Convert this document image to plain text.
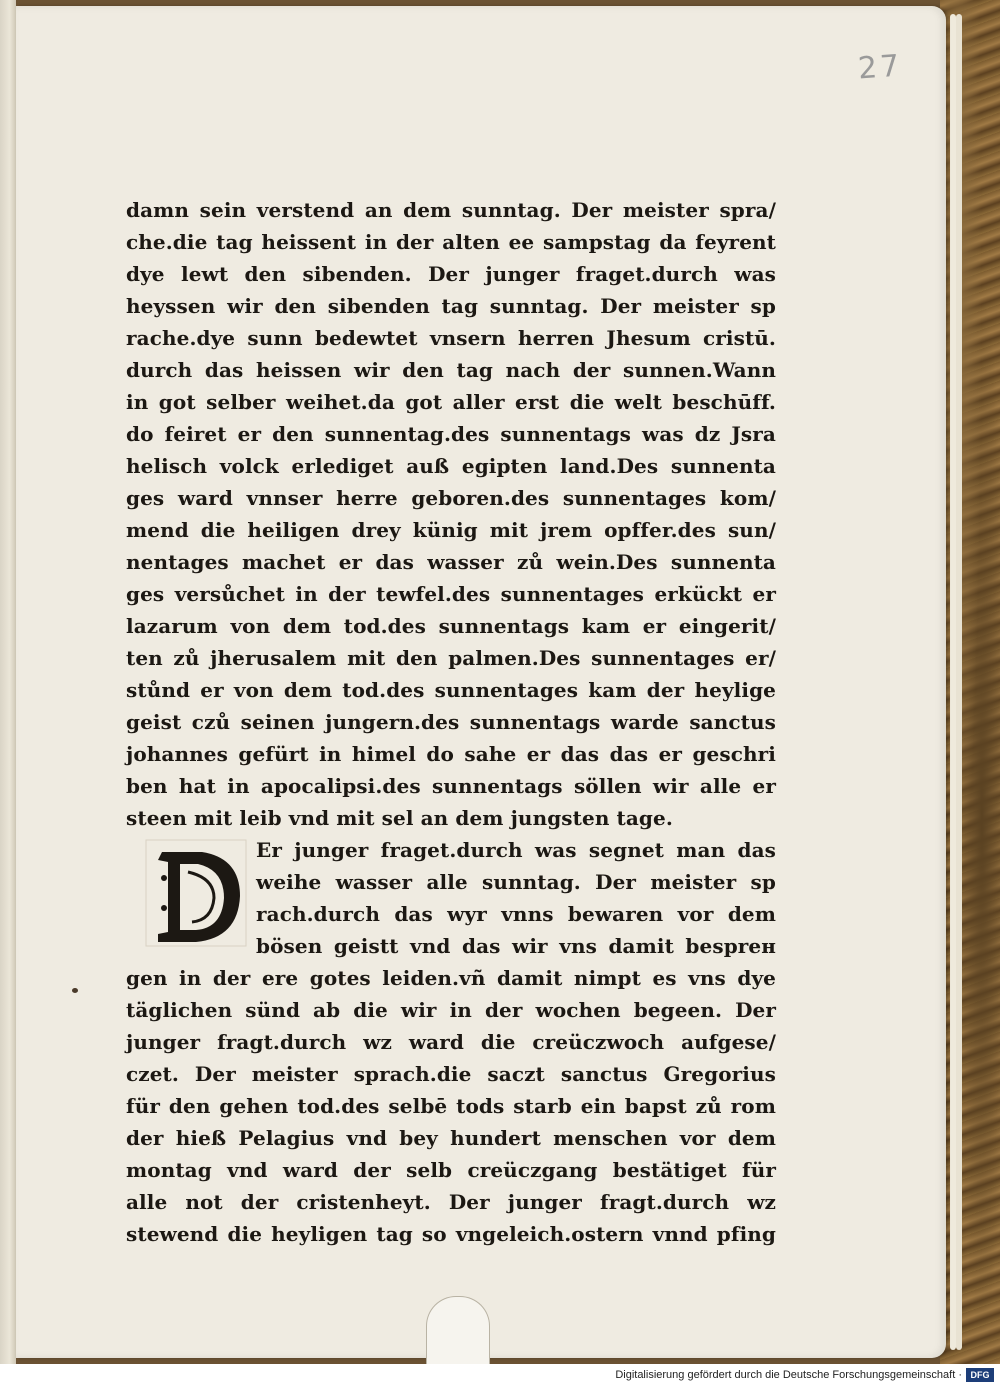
27
damn sein verstend an dem sunntag. Der meister spra/
che.die tag heissent in der alten ee sampstag da feyrent
dye lewt den sibenden. Der junger fraget.durch was
heyssen wir den sibenden tag sunntag. Der meister sp
rache.dye sunn bedewtet vnsern herren Jhesum cristū.
durch das heissen wir den tag nach der sunnen.Wann
in got selber weihet.da got aller erst die welt beschūff.
do feiret er den sunnentag.des sunnentags was dz Jsra
helisch volck erlediget auß egipten land.Des sunnenta
ges ward vnnser herre geboren.des sunnentages kom/
mend die heiligen drey künig mit jrem opffer.des sun/
nentages machet er das wasser zů wein.Des sunnenta
ges versůchet in der tewfel.des sunnentages erkückt er
lazarum von dem tod.des sunnentags kam er eingerit/
ten zů jherusalem mit den palmen.Des sunnentages er/
stůnd er von dem tod.des sunnentages kam der heylige
geist czů seinen jungern.des sunnentags warde sanctus
johannes gefürt in himel do sahe er das das er geschri
ben hat in apocalipsi.des sunnentags söllen wir alle er
steen mit leib vnd mit sel an dem jungsten tage.
Er junger fraget.durch was segnet man das
weihe wasser alle sunntag. Der meister sp
rach.durch das wyr vnns bewaren vor dem
bösen geistt vnd das wir vns damit besprен
gen in der ere gotes leiden.vñ damit nimpt es vns dye
täglichen sünd ab die wir in der wochen begeen. Der
junger fragt.durch wz ward die creüczwoch aufgese/
czet. Der meister sprach.die saczt sanctus Gregorius
für den gehen tod.des selbē tods starb ein bapst zů rom
der hieß Pelagius vnd bey hundert menschen vor dem
montag vnd ward der selb creüczgang bestätiget für
alle not der cristenheyt. Der junger fragt.durch wz
stewend die heyligen tag so vngeleich.ostern vnnd pfing
Digitalisierung gefördert durch die Deutsche Forschungsgemeinschaft · DFG
